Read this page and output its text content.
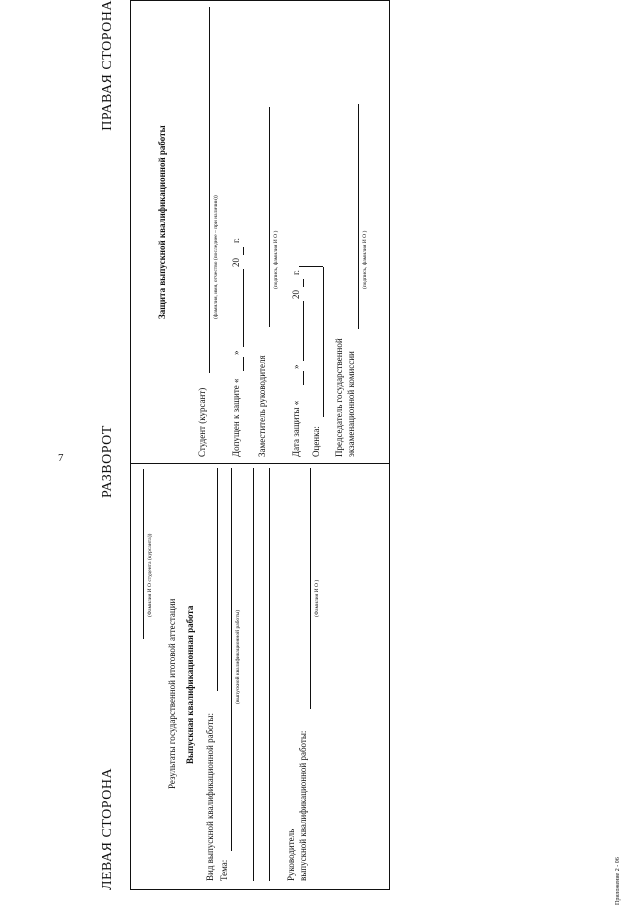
7
ЛЕВАЯ СТОРОНА
РАЗВОРОТ
ПРАВАЯ СТОРОНА
(Фамилия И О студента (курсанта))
Результаты государственной итоговой аттестации Выпускная квалификационная работа
Вид выпускной квалификационной работы: Тема:
(выпускной квалификационной работы)
Руководитель выпускной квалификационной работы:
(Фамилия И О )
Защита выпускной квалификационной работы
Студент (курсант)
(фамилия, имя, отчество (последнее – при наличии))
Допущен к защите «
»
20
г.
Заместитель руководителя
(подпись, фамилия И О )
Дата защиты «
»
20
г.
Оценка: Председатель государственной экзаменационной комиссии
(подпись, фамилия И О )
Приложение 2 - 06
